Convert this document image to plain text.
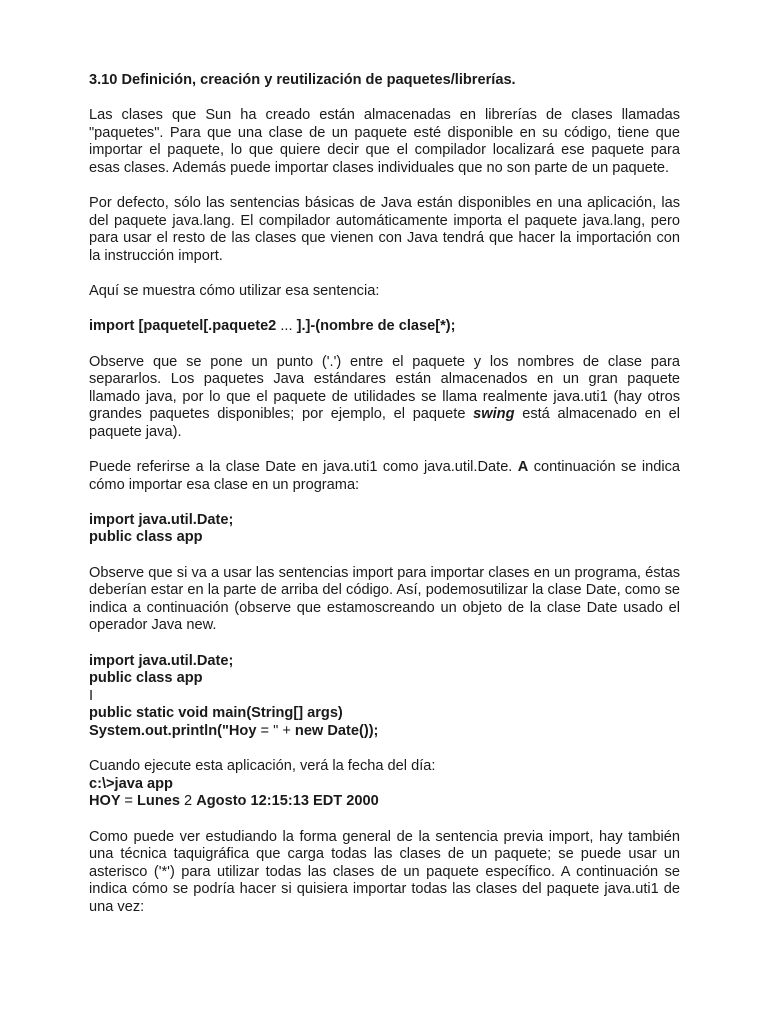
3.10 Definición, creación y reutilización de paquetes/librerías.

Las clases que Sun ha creado están almacenadas en librerías de clases llamadas "paquetes". Para que una clase de un paquete esté disponible en su código, tiene que importar el paquete, lo que quiere decir que el compilador localizará ese paquete para esas clases. Además puede importar clases individuales que no son parte de un paquete.

Por defecto, sólo las sentencias básicas de Java están disponibles en una aplicación, las del paquete java.lang. El compilador automáticamente importa el paquete java.lang, pero para usar el resto de las clases que vienen con Java tendrá que hacer la importación con la instrucción import.

Aquí se muestra cómo utilizar esa sentencia:

import [paquetel[.paquete2 ... ].]-(nombre de clase[*);

Observe que se pone un punto ('.') entre el paquete y los nombres de clase para separarlos. Los paquetes Java estándares están almacenados en un gran paquete llamado java, por lo que el paquete de utilidades se llama realmente java.uti1 (hay otros grandes paquetes disponibles; por ejemplo, el paquete swing está almacenado en el paquete java).

Puede referirse a la clase Date en java.uti1 como java.util.Date. A continuación se indica cómo importar esa clase en un programa:

import java.util.Date;
public class app

Observe que si va a usar las sentencias import para importar clases en un programa, éstas deberían estar en la parte de arriba del código. Así, podemosutilizar la clase Date, como se indica a continuación (observe que estamoscreando un objeto de la clase Date usado el operador Java new.

import java.util.Date;
public class app
I
public static void main(String[] args)
System.out.println("Hoy = " + new Date());

Cuando ejecute esta aplicación, verá la fecha del día:

c:\>java app
HOY = Lunes 2 Agosto 12:15:13 EDT 2000

Como puede ver estudiando la forma general de la sentencia previa import, hay también una técnica taquigráfica que carga todas las clases de un paquete; se puede usar un asterisco ('*') para utilizar todas las clases de un paquete específico. A continuación se indica cómo se podría hacer si quisiera importar todas las clases del paquete java.uti1 de una vez:
